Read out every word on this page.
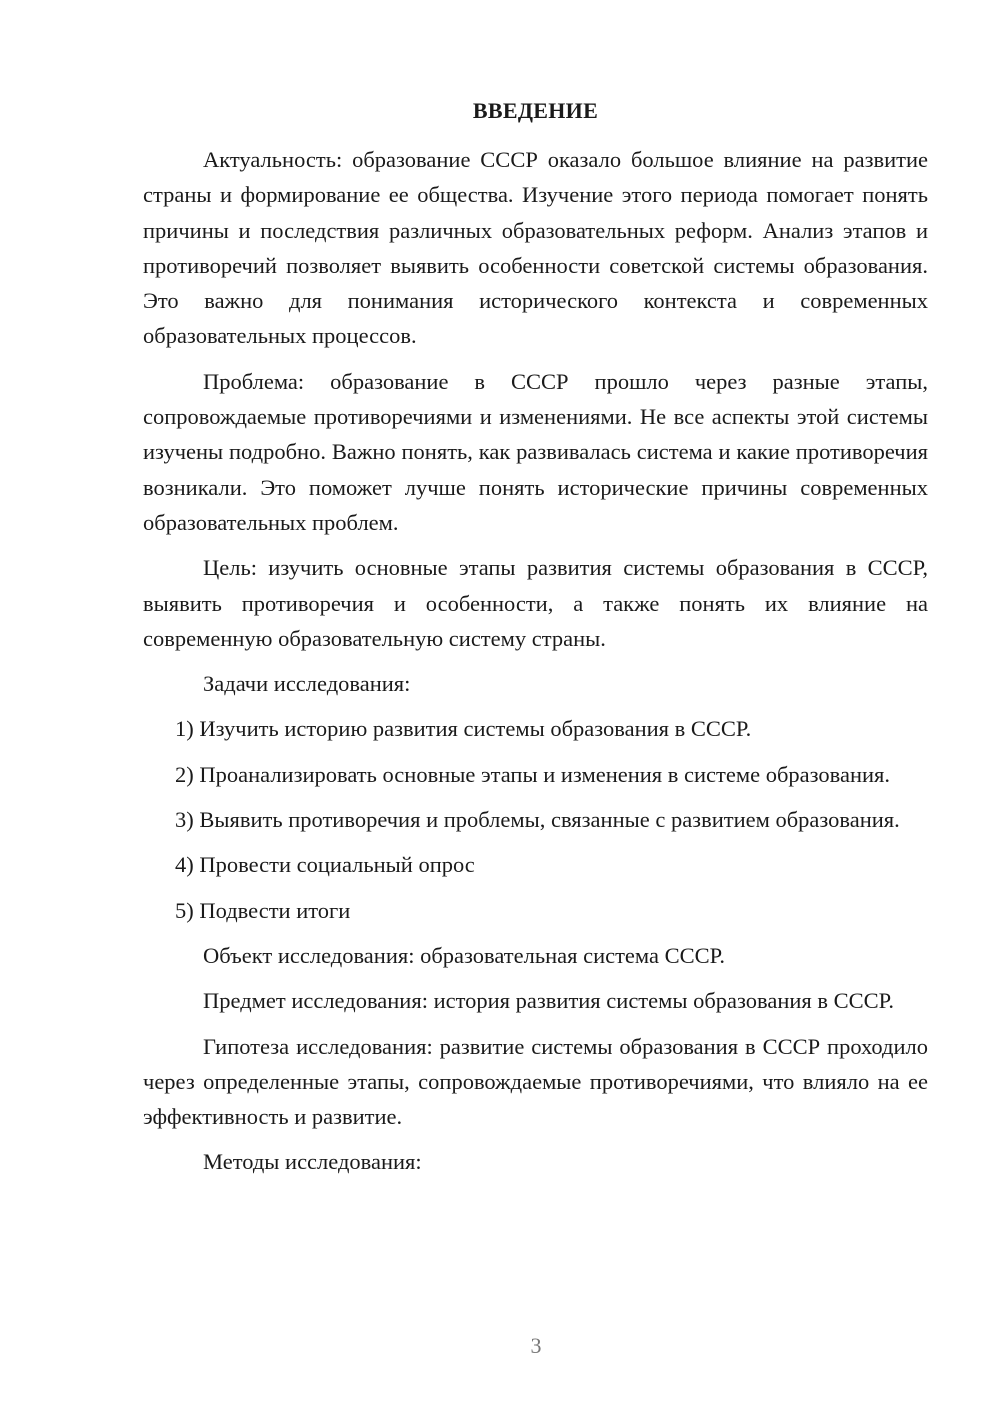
ВВЕДЕНИЕ

Актуальность: образование СССР оказало большое влияние на развитие страны и формирование ее общества. Изучение этого периода помогает понять причины и последствия различных образовательных реформ. Анализ этапов и противоречий позволяет выявить особенности советской системы образования. Это важно для понимания исторического контекста и современных образовательных процессов.

Проблема: образование в СССР прошло через разные этапы, сопровождаемые противоречиями и изменениями. Не все аспекты этой системы изучены подробно. Важно понять, как развивалась система и какие противоречия возникали. Это поможет лучше понять исторические причины современных образовательных проблем.

Цель: изучить основные этапы развития системы образования в СССР, выявить противоречия и особенности, а также понять их влияние на современную образовательную систему страны.

Задачи исследования:

1) Изучить историю развития системы образования в СССР.

2) Проанализировать основные этапы и изменения в системе образования.

3) Выявить противоречия и проблемы, связанные с развитием образования.

4) Провести социальный опрос

5) Подвести итоги

Объект исследования: образовательная система СССР.

Предмет исследования: история развития системы образования в СССР.

Гипотеза исследования: развитие системы образования в СССР проходило через определенные этапы, сопровождаемые противоречиями, что влияло на ее эффективность и развитие.

Методы исследования:

3
